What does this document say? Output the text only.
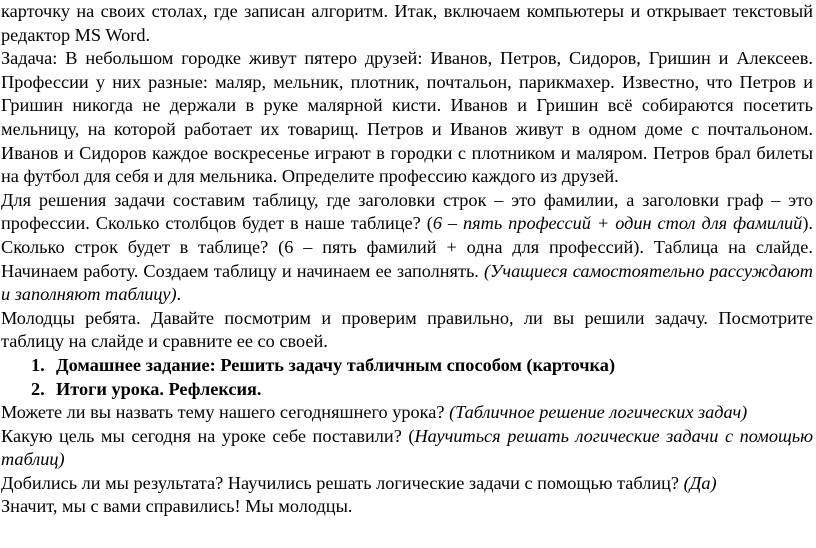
карточку на своих столах, где записан алгоритм. Итак, включаем компьютеры и открывает текстовый редактор MS Word.

Задача: В небольшом городке живут пятеро друзей: Иванов, Петров, Сидоров, Гришин и Алексеев. Профессии у них разные: маляр, мельник, плотник, почтальон, парикмахер. Известно, что Петров и Гришин никогда не держали в руке малярной кисти. Иванов и Гришин всё собираются посетить мельницу, на которой работает их товарищ. Петров и Иванов живут в одном доме с почтальоном. Иванов и Сидоров каждое воскресенье играют в городки с плотником и маляром. Петров брал билеты на футбол для себя и для мельника. Определите профессию каждого из друзей.

Для решения задачи составим таблицу, где заголовки строк – это фамилии, а заголовки граф – это профессии. Сколько столбцов будет в наше таблице? (6 – пять профессий + один стол для фамилий). Сколько строк будет в таблице? (6 – пять фамилий + одна для профессий). Таблица на слайде. Начинаем работу. Создаем таблицу и начинаем ее заполнять. (Учащиеся самостоятельно рассуждают и заполняют таблицу).

Молодцы ребята. Давайте посмотрим и проверим правильно, ли вы решили задачу. Посмотрите таблицу на слайде и сравните ее со своей.

1. Домашнее задание: Решить задачу табличным способом (карточка)
2. Итоги урока. Рефлексия.

Можете ли вы назвать тему нашего сегодняшнего урока? (Табличное решение логических задач)

Какую цель мы сегодня на уроке себе поставили? (Научиться решать логические задачи с помощью таблиц)

Добились ли мы результата? Научились решать логические задачи с помощью таблиц? (Да)

Значит, мы с вами справились! Мы молодцы.
